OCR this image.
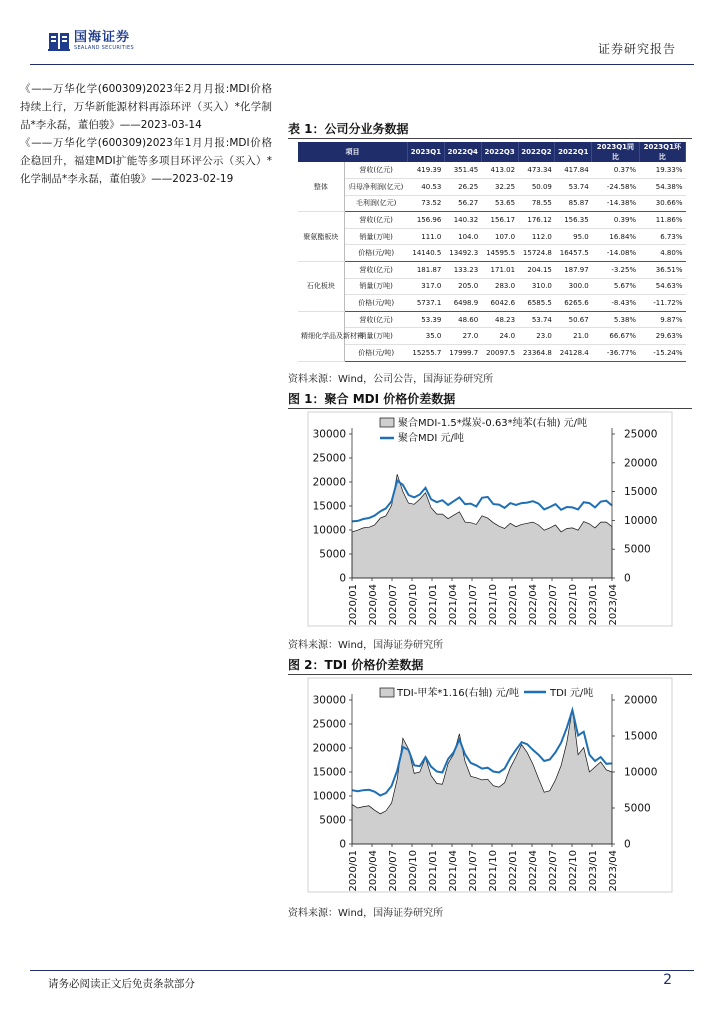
国海证券
SEALAND SECURITIES	证券研究报告

《——万华化学(600309)2023年2月月报:MDI价格持续上行，万华新能源材料再添环评（买入）*化学制品*李永磊，董伯骏》——2023-03-14

《——万华化学(600309)2023年1月月报:MDI价格企稳回升，福建MDI扩能等多项目环评公示（买入）*化学制品*李永磊，董伯骏》——2023-02-19

表 1：公司分业务数据
项目		2023Q1	2022Q4	2022Q3	2022Q2	2022Q1	2023Q1同比	2023Q1环比
整体	营收(亿元)	419.39	351.45	413.02	473.34	417.84	0.37%	19.33%
	归母净利润(亿元)	40.53	26.25	32.25	50.09	53.74	-24.58%	54.38%
	毛利润(亿元)	73.52	56.27	53.65	78.55	85.87	-14.38%	30.66%
聚氨酯板块	营收(亿元)	156.96	140.32	156.17	176.12	156.35	0.39%	11.86%
	销量(万吨)	111.0	104.0	107.0	112.0	95.0	16.84%	6.73%
	价格(元/吨)	14140.5	13492.3	14595.5	15724.8	16457.5	-14.08%	4.80%
石化板块	营收(亿元)	181.87	133.23	171.01	204.15	187.97	-3.25%	36.51%
	销量(万吨)	317.0	205.0	283.0	310.0	300.0	5.67%	54.63%
	价格(元/吨)	5737.1	6498.9	6042.6	6585.5	6265.6	-8.43%	-11.72%
精细化学品及新材料	营收(亿元)	53.39	48.60	48.23	53.74	50.67	5.38%	9.87%
	销量(万吨)	35.0	27.0	24.0	23.0	21.0	66.67%	29.63%
	价格(元/吨)	15255.7	17999.7	20097.5	23364.8	24128.4	-36.77%	-15.24%
资料来源：Wind，公司公告，国海证券研究所
图 1：聚合 MDI 价格价差数据
0
5000
10000
15000
20000
25000
30000
0
5000
10000
15000
20000
25000
2020/01 2020/04 2020/07 2020/10 2021/01 2021/04 2021/07 2021/10 2022/01 2022/04 2022/07 2022/10 2023/01 2023/04
聚合MDI-1.5*煤炭-0.63*纯苯(右轴) 元/吨
聚合MDI 元/吨
资料来源：Wind，国海证券研究所
图 2：TDI 价格价差数据
0
5000
10000
15000
20000
25000
30000
0
5000
10000
15000
20000
2020/01 2020/04 2020/07 2020/10 2021/01 2021/04 2021/07 2021/10 2022/01 2022/04 2022/07 2022/10 2023/01 2023/04
TDI-甲苯*1.16(右轴) 元/吨	TDI 元/吨
资料来源：Wind，国海证券研究所
请务必阅读正文后免责条款部分	2
